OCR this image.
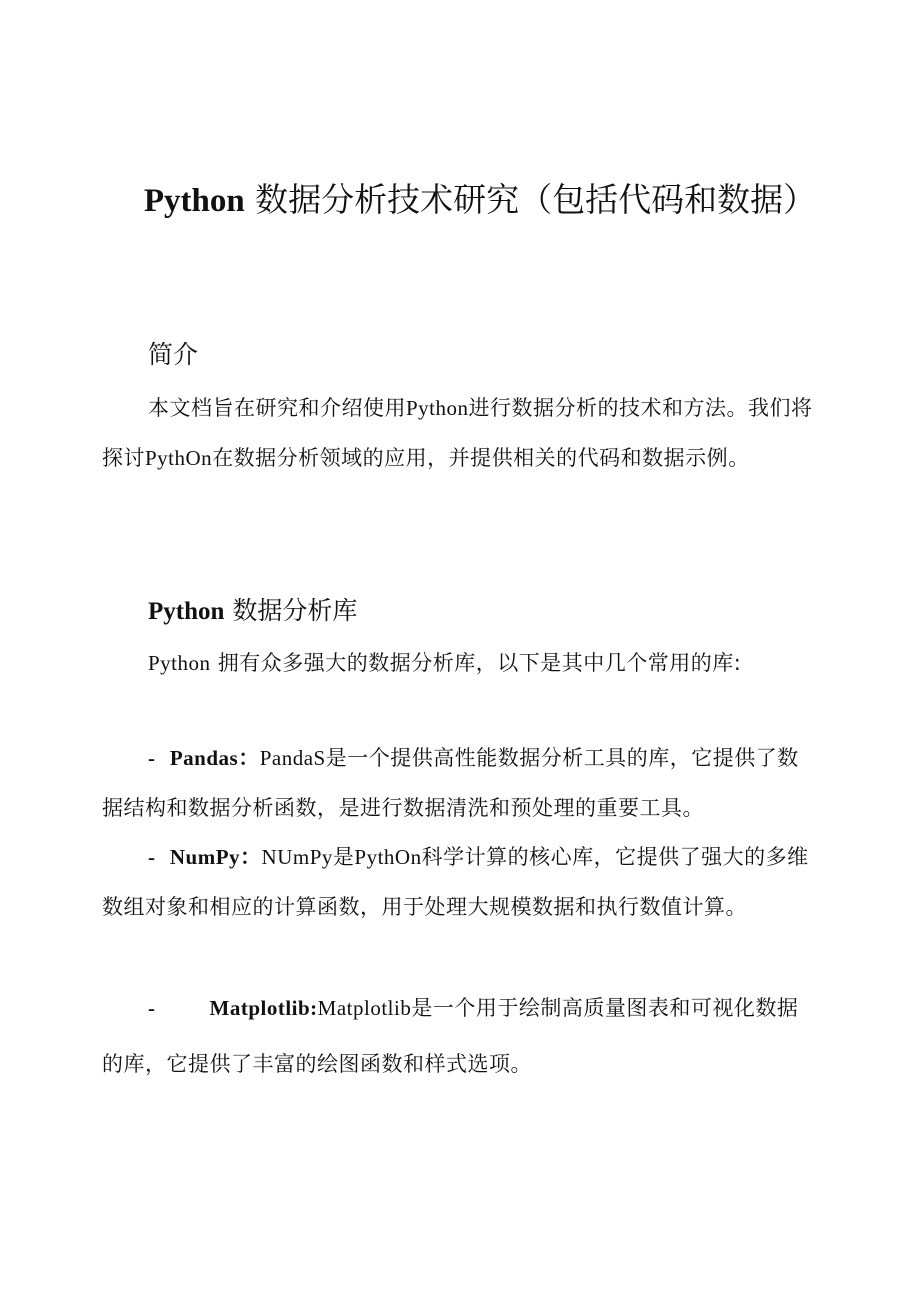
Python 数据分析技术研究（包括代码和数据）
简介

本文档旨在研究和介绍使用Python进行数据分析的技术和方法。我们将探讨PythOn在数据分析领域的应用，并提供相关的代码和数据示例。

Python 数据分析库

Python 拥有众多强大的数据分析库，以下是其中几个常用的库:

- Pandas：PandaS是一个提供高性能数据分析工具的库，它提供了数据结构和数据分析函数，是进行数据清洗和预处理的重要工具。

- NumPy：NUmPy是PythOn科学计算的核心库，它提供了强大的多维数组对象和相应的计算函数，用于处理大规模数据和执行数值计算。

-	Matplotlib:Matplotlib是一个用于绘制高质量图表和可视化数据的库，它提供了丰富的绘图函数和样式选项。
